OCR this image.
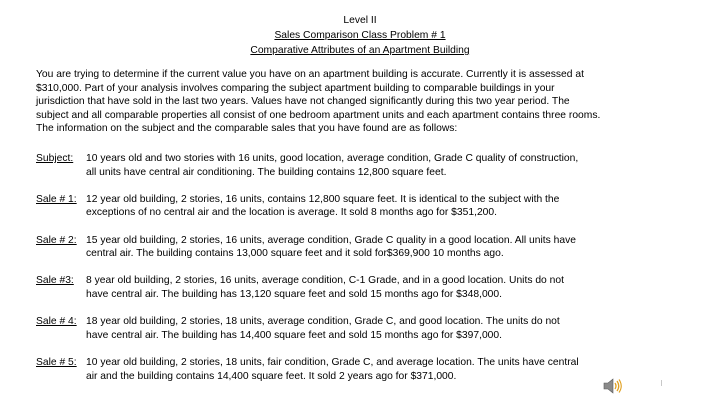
Level II
Sales Comparison Class Problem # 1
Comparative Attributes of an Apartment Building

You are trying to determine if the current value you have on an apartment building is accurate. Currently it is assessed at

$310,000. Part of your analysis involves comparing the subject apartment building to comparable buildings in your

jurisdiction that have sold in the last two years. Values have not changed significantly during this two year period. The

subject and all comparable properties all consist of one bedroom apartment units and each apartment contains three rooms.

The information on the subject and the comparable sales that you have found are as follows:

Subject: 10 years old and two stories with 16 units, good location, average condition, Grade C quality of construction,
all units have central air conditioning. The building contains 12,800 square feet.
Sale # 1: 12 year old building, 2 stories, 16 units, contains 12,800 square feet. It is identical to the subject with the
exceptions of no central air and the location is average. It sold 8 months ago for $351,200.
Sale # 2: 15 year old building, 2 stories, 16 units, average condition, Grade C quality in a good location. All units have
central air. The building contains 13,000 square feet and it sold for$369,900 10 months ago.
Sale #3: 8 year old building, 2 stories, 16 units, average condition, C-1 Grade, and in a good location. Units do not
have central air. The building has 13,120 square feet and sold 15 months ago for $348,000.
Sale # 4: 18 year old building, 2 stories, 18 units, average condition, Grade C, and good location. The units do not
have central air. The building has 14,400 square feet and sold 15 months ago for $397,000.
Sale # 5: 10 year old building, 2 stories, 18 units, fair condition, Grade C, and average location. The units have central
air and the building contains 14,400 square feet. It sold 2 years ago for $371,000.
